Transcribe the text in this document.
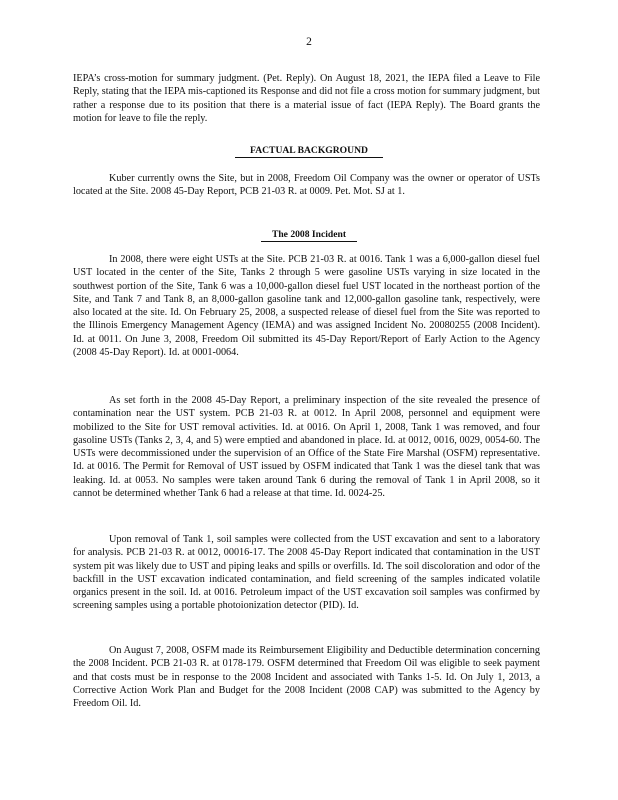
2

IEPA’s cross-motion for summary judgment. (Pet. Reply). On August 18, 2021, the IEPA filed a Leave to File Reply, stating that the IEPA mis-captioned its Response and did not file a cross motion for summary judgment, but rather a response due to its position that there is a material issue of fact (IEPA Reply). The Board grants the motion for leave to file the reply.

FACTUAL BACKGROUND

Kuber currently owns the Site, but in 2008, Freedom Oil Company was the owner or operator of USTs located at the Site. 2008 45-Day Report, PCB 21-03 R. at 0009. Pet. Mot. SJ at 1.

The 2008 Incident

In 2008, there were eight USTs at the Site. PCB 21-03 R. at 0016. Tank 1 was a 6,000-gallon diesel fuel UST located in the center of the Site, Tanks 2 through 5 were gasoline USTs varying in size located in the southwest portion of the Site, Tank 6 was a 10,000-gallon diesel fuel UST located in the northeast portion of the Site, and Tank 7 and Tank 8, an 8,000-gallon gasoline tank and 12,000-gallon gasoline tank, respectively, were also located at the site. Id. On February 25, 2008, a suspected release of diesel fuel from the Site was reported to the Illinois Emergency Management Agency (IEMA) and was assigned Incident No. 20080255 (2008 Incident). Id. at 0011. On June 3, 2008, Freedom Oil submitted its 45-Day Report/Report of Early Action to the Agency (2008 45-Day Report). Id. at 0001-0064.

As set forth in the 2008 45-Day Report, a preliminary inspection of the site revealed the presence of contamination near the UST system. PCB 21-03 R. at 0012. In April 2008, personnel and equipment were mobilized to the Site for UST removal activities. Id. at 0016. On April 1, 2008, Tank 1 was removed, and four gasoline USTs (Tanks 2, 3, 4, and 5) were emptied and abandoned in place. Id. at 0012, 0016, 0029, 0054-60. The USTs were decommissioned under the supervision of an Office of the State Fire Marshal (OSFM) representative. Id. at 0016. The Permit for Removal of UST issued by OSFM indicated that Tank 1 was the diesel tank that was leaking. Id. at 0053. No samples were taken around Tank 6 during the removal of Tank 1 in April 2008, so it cannot be determined whether Tank 6 had a release at that time. Id. 0024-25.

Upon removal of Tank 1, soil samples were collected from the UST excavation and sent to a laboratory for analysis. PCB 21-03 R. at 0012, 00016-17. The 2008 45-Day Report indicated that contamination in the UST system pit was likely due to UST and piping leaks and spills or overfills. Id. The soil discoloration and odor of the backfill in the UST excavation indicated contamination, and field screening of the samples indicated volatile organics present in the soil. Id. at 0016. Petroleum impact of the UST excavation soil samples was confirmed by screening samples using a portable photoionization detector (PID). Id.

On August 7, 2008, OSFM made its Reimbursement Eligibility and Deductible determination concerning the 2008 Incident. PCB 21-03 R. at 0178-179. OSFM determined that Freedom Oil was eligible to seek payment and that costs must be in response to the 2008 Incident and associated with Tanks 1-5. Id. On July 1, 2013, a Corrective Action Work Plan and Budget for the 2008 Incident (2008 CAP) was submitted to the Agency by Freedom Oil. Id.
